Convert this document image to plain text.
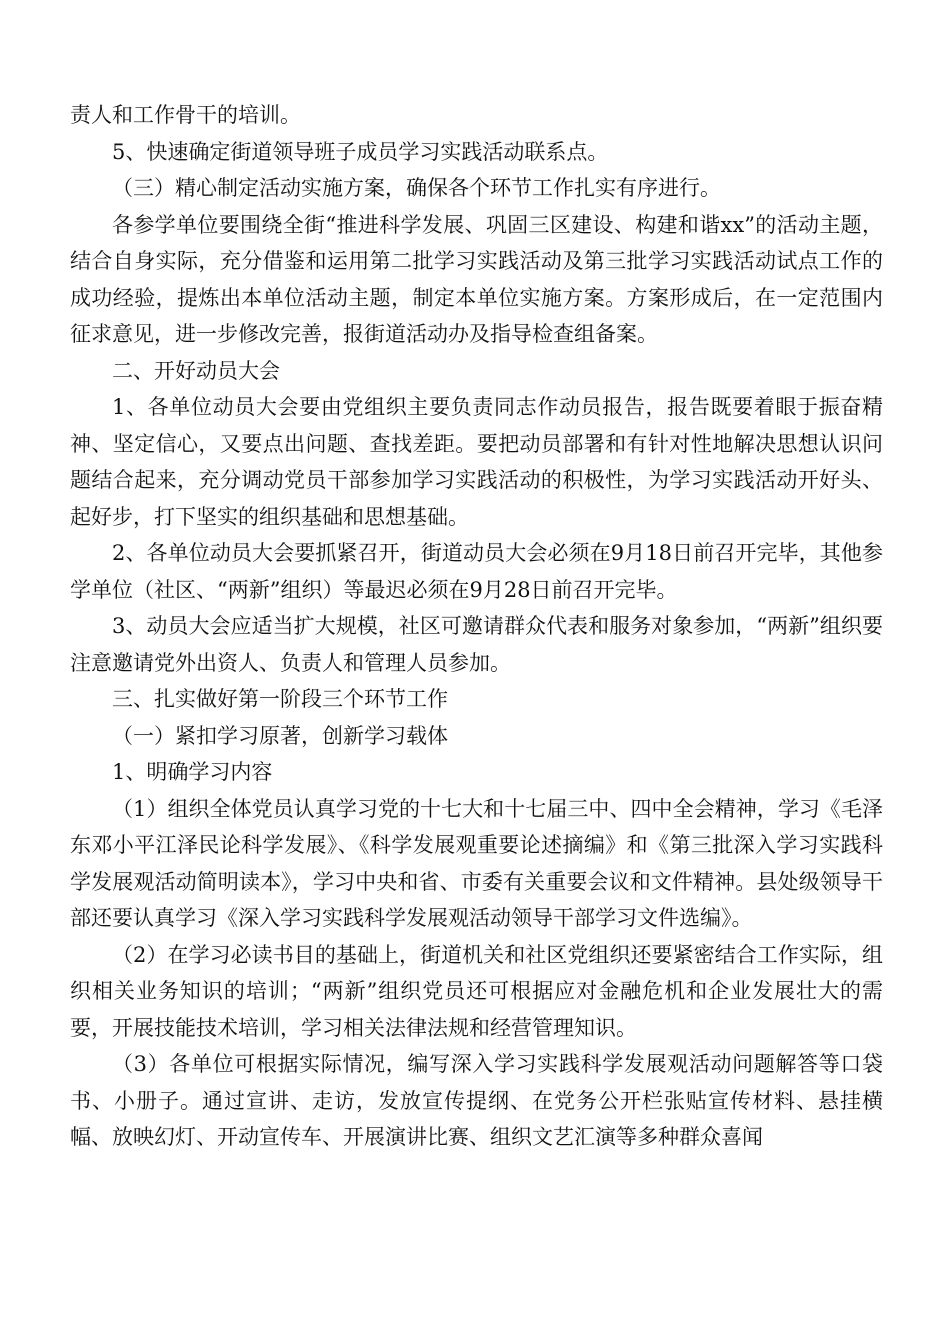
责人和工作骨干的培训。

5、快速确定街道领导班子成员学习实践活动联系点。

（三）精心制定活动实施方案，确保各个环节工作扎实有序进行。

各参学单位要围绕全街“推进科学发展、巩固三区建设、构建和谐xx”的活动主题，结合自身实际，充分借鉴和运用第二批学习实践活动及第三批学习实践活动试点工作的成功经验，提炼出本单位活动主题，制定本单位实施方案。方案形成后，在一定范围内征求意见，进一步修改完善，报街道活动办及指导检查组备案。

二、开好动员大会

1、各单位动员大会要由党组织主要负责同志作动员报告，报告既要着眼于振奋精神、坚定信心，又要点出问题、查找差距。要把动员部署和有针对性地解决思想认识问题结合起来，充分调动党员干部参加学习实践活动的积极性，为学习实践活动开好头、起好步，打下坚实的组织基础和思想基础。

2、各单位动员大会要抓紧召开，街道动员大会必须在9月18日前召开完毕，其他参学单位（社区、“两新”组织）等最迟必须在9月28日前召开完毕。

3、动员大会应适当扩大规模，社区可邀请群众代表和服务对象参加，“两新”组织要注意邀请党外出资人、负责人和管理人员参加。

三、扎实做好第一阶段三个环节工作

（一）紧扣学习原著，创新学习载体

1、明确学习内容

（1）组织全体党员认真学习党的十七大和十七届三中、四中全会精神，学习《毛泽东邓小平江泽民论科学发展》、《科学发展观重要论述摘编》和《第三批深入学习实践科学发展观活动简明读本》，学习中央和省、市委有关重要会议和文件精神。县处级领导干部还要认真学习《深入学习实践科学发展观活动领导干部学习文件选编》。

（2）在学习必读书目的基础上，街道机关和社区党组织还要紧密结合工作实际，组织相关业务知识的培训；“两新”组织党员还可根据应对金融危机和企业发展壮大的需要，开展技能技术培训，学习相关法律法规和经营管理知识。

（3）各单位可根据实际情况，编写深入学习实践科学发展观活动问题解答等口袋书、小册子。通过宣讲、走访，发放宣传提纲、在党务公开栏张贴宣传材料、悬挂横幅、放映幻灯、开动宣传车、开展演讲比赛、组织文艺汇演等多种群众喜闻
